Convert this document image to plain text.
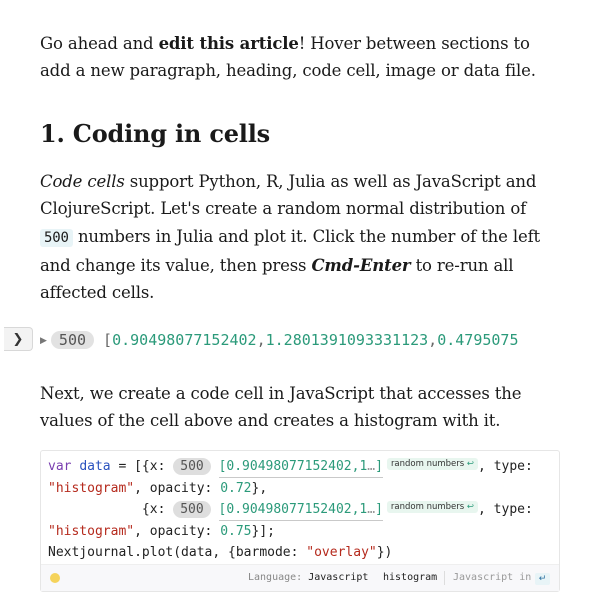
Go ahead and edit this article! Hover between sections to add a new paragraph, heading, code cell, image or data file.
1. Coding in cells
Code cells support Python, R, Julia as well as JavaScript and ClojureScript. Let's create a random normal distribution of 500 numbers in Julia and plot it. Click the number of the left and change its value, then press Cmd-Enter to re-run all affected cells.
❯	▶ 500 [0.90498077152402,1.2801391093331123,0.4795075
Next, we create a code cell in JavaScript that accesses the values of the cell above and creates a histogram with it.
var data = [{x: 500 [0.90498077152402,1…] random numbers ↩ , type:
"histogram", opacity: 0.72},
{x: 500 [0.90498077152402,1…] random numbers ↩ , type:
"histogram", opacity: 0.75}];
Nextjournal.plot(data, {barmode: "overlay"})
Language: Javascript histogram Javascript in ↵
